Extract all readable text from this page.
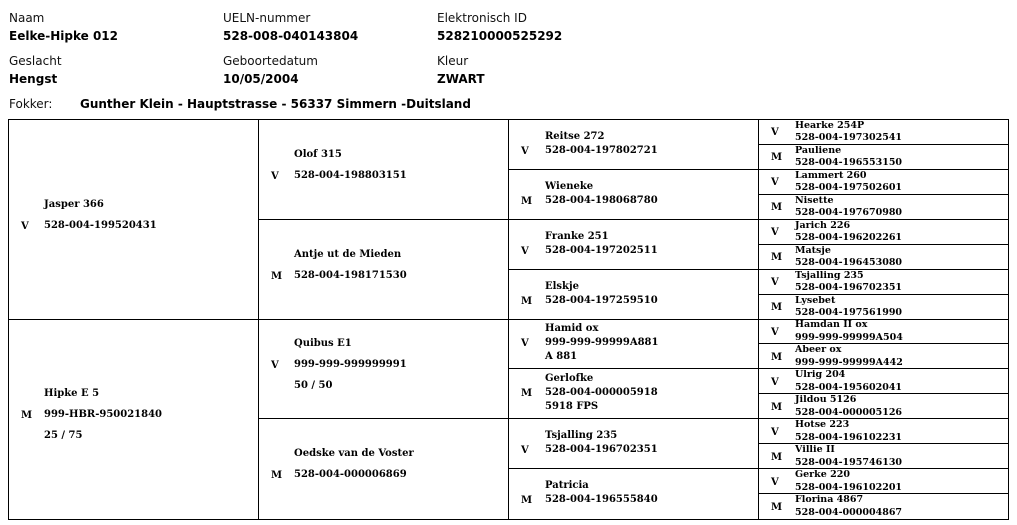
Naam
Eelke-Hipke 012
UELN-nummer
528-008-040143804
Elektronisch ID
528210000525292
Geslacht
Hengst
Geboortedatum
10/05/2004
Kleur
ZWART
Fokker: Gunther Klein - Hauptstrasse - 56337 Simmern -Duitsland
V
Jasper 366
528-004-199520431
M
Hipke E 5
999-HBR-950021840
25 / 75
V
Olof 315
528-004-198803151
M
Antje ut de Mieden
528-004-198171530
V
Quibus E1
999-999-999999991
50 / 50
M
Oedske van de Voster
528-004-000006869
V
Reitse 272
528-004-197802721
M
Wieneke
528-004-198068780
V
Franke 251
528-004-197202511
M
Elskje
528-004-197259510
V
Hamid ox
999-999-99999A881
A 881
M
Gerlofke
528-004-000005918
5918 FPS
V
Tsjalling 235
528-004-196702351
M
Patricia
528-004-196555840
V
Hearke 254P
528-004-197302541
M
Pauliene
528-004-196553150
V
Lammert 260
528-004-197502601
M
Nisette
528-004-197670980
V
Jarich 226
528-004-196202261
M
Matsje
528-004-196453080
V
Tsjalling 235
528-004-196702351
M
Lysebet
528-004-197561990
V
Hamdan II ox
999-999-99999A504
M
Abeer ox
999-999-99999A442
V
Ulrig 204
528-004-195602041
M
Jildou 5126
528-004-000005126
V
Hotse 223
528-004-196102231
M
Villie II
528-004-195746130
V
Gerke 220
528-004-196102201
M
Florina 4867
528-004-000004867
